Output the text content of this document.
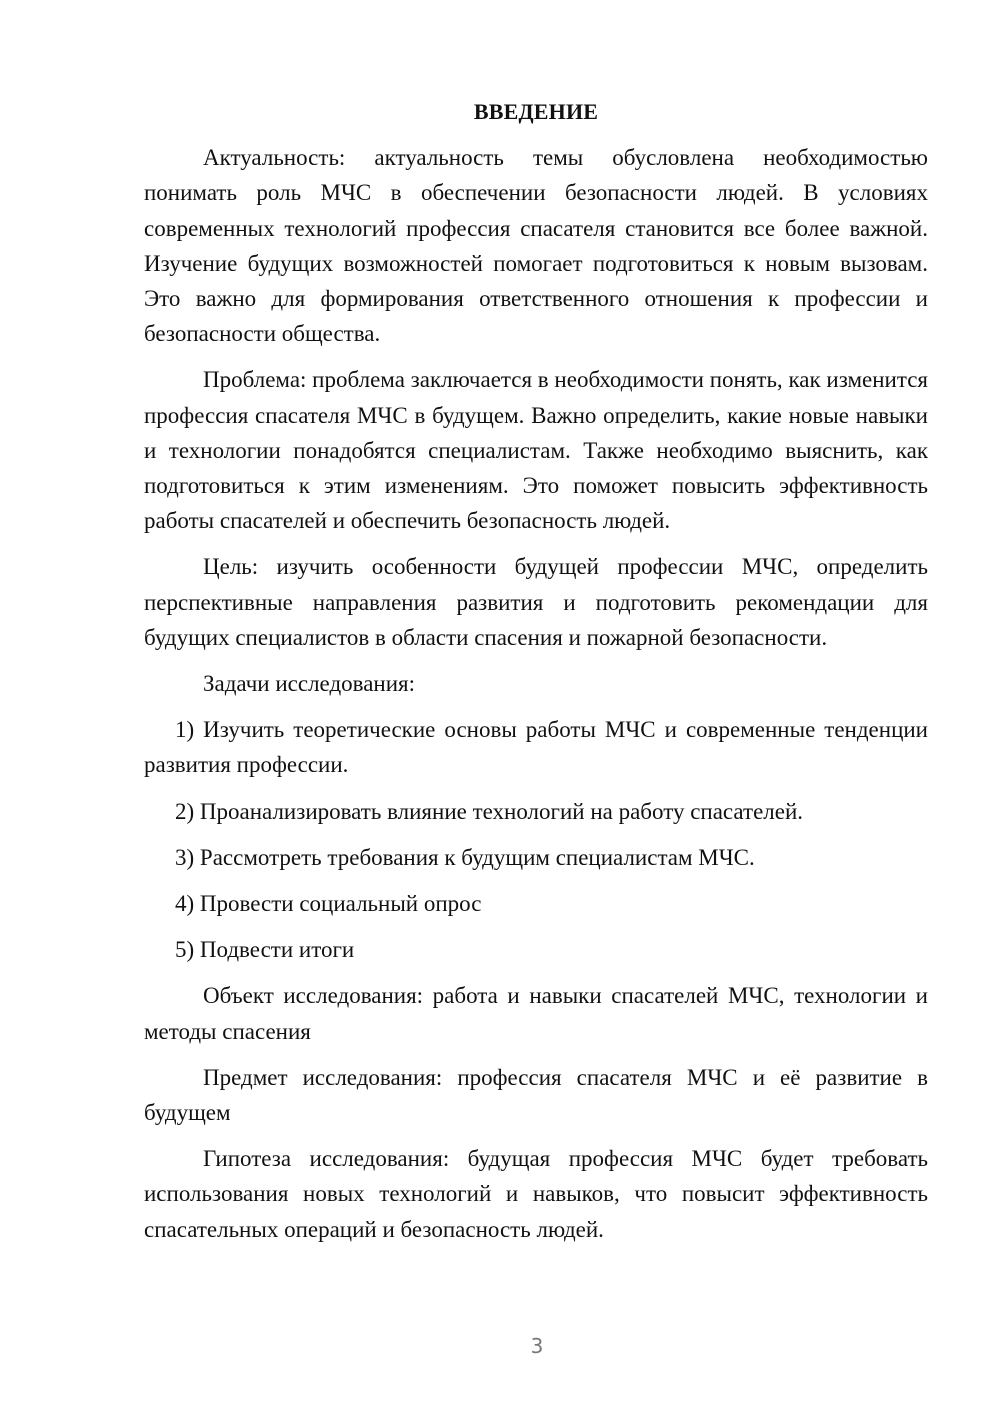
ВВЕДЕНИЕ

Актуальность: актуальность темы обусловлена необходимостью понимать роль МЧС в обеспечении безопасности людей. В условиях современных технологий профессия спасателя становится все более важной. Изучение будущих возможностей помогает подготовиться к новым вызовам. Это важно для формирования ответственного отношения к профессии и безопасности общества.

Проблема: проблема заключается в необходимости понять, как изменится профессия спасателя МЧС в будущем. Важно определить, какие новые навыки и технологии понадобятся специалистам. Также необходимо выяснить, как подготовиться к этим изменениям. Это поможет повысить эффективность работы спасателей и обеспечить безопасность людей.

Цель: изучить особенности будущей профессии МЧС, определить перспективные направления развития и подготовить рекомендации для будущих специалистов в области спасения и пожарной безопасности.

Задачи исследования:

1) Изучить теоретические основы работы МЧС и современные тенденции развития профессии.

2) Проанализировать влияние технологий на работу спасателей.

3) Рассмотреть требования к будущим специалистам МЧС.

4) Провести социальный опрос

5) Подвести итоги

Объект исследования: работа и навыки спасателей МЧС, технологии и методы спасения

Предмет исследования: профессия спасателя МЧС и её развитие в будущем

Гипотеза исследования: будущая профессия МЧС будет требовать использования новых технологий и навыков, что повысит эффективность спасательных операций и безопасность людей.

3
